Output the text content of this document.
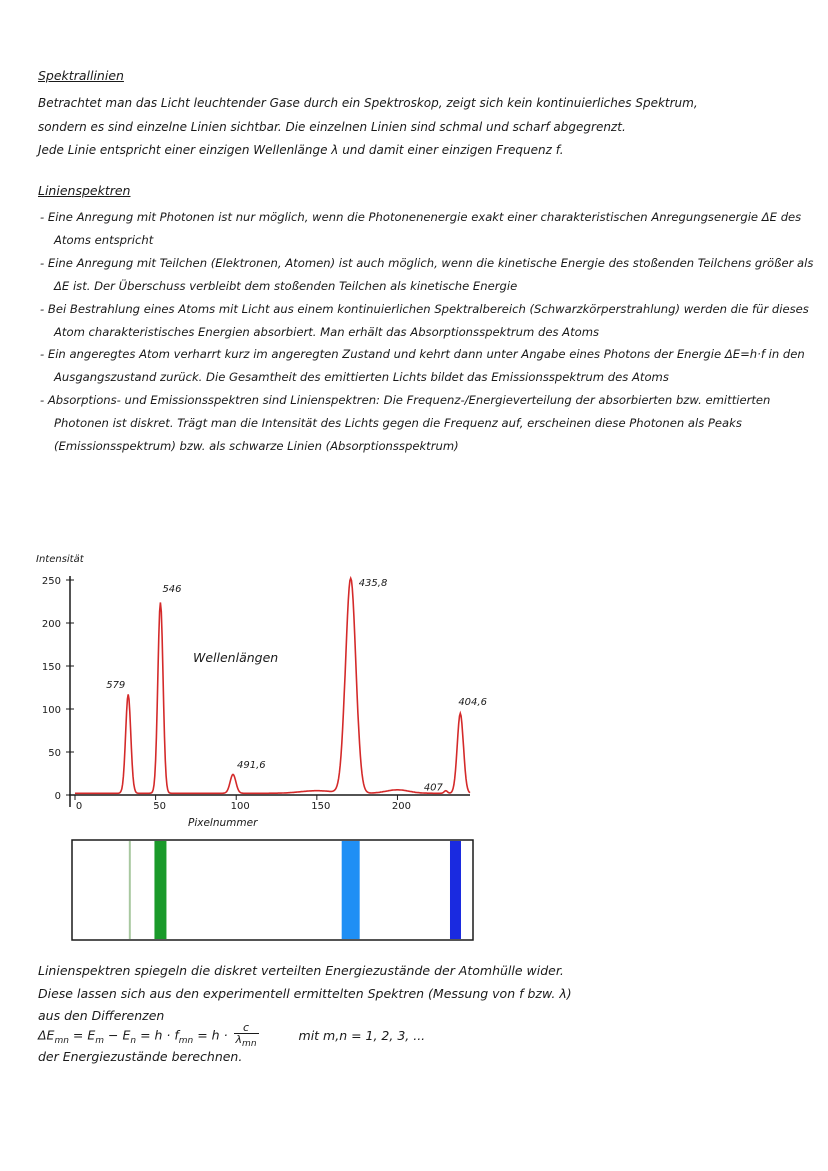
Spektrallinien
Betrachtet man das Licht leuchtender Gase durch ein Spektroskop, zeigt sich kein kontinuierliches Spektrum,
sondern es sind einzelne Linien sichtbar. Die einzelnen Linien sind schmal und scharf abgegrenzt.
Jede Linie entspricht einer einzigen Wellenlänge λ und damit einer einzigen Frequenz f.
Linienspektren
- Eine Anregung mit Photonen ist nur möglich, wenn die Photonenenergie exakt einer charakteristischen Anregungsenergie ΔE des Atoms entspricht
- Eine Anregung mit Teilchen (Elektronen, Atomen) ist auch möglich, wenn die kinetische Energie des stoßenden Teilchens größer als ΔE ist. Der Überschuss verbleibt dem stoßenden Teilchen als kinetische Energie
- Bei Bestrahlung eines Atoms mit Licht aus einem kontinuierlichen Spektralbereich (Schwarzkörperstrahlung) werden die für dieses Atom charakteristisches Energien absorbiert. Man erhält das Absorptionsspektrum des Atoms
- Ein angeregtes Atom verharrt kurz im angeregten Zustand und kehrt dann unter Angabe eines Photons der Energie ΔE=h·f in den Ausgangszustand zurück. Die Gesamtheit des emittierten Lichts bildet das Emissionsspektrum des Atoms
- Absorptions- und Emissionsspektren sind Linienspektren: Die Frequenz-/Energieverteilung der absorbierten bzw. emittierten Photonen ist diskret. Trägt man die Intensität des Lichts gegen die Frequenz auf, erscheinen diese Photonen als Peaks (Emissionsspektrum) bzw. als schwarze Linien (Absorptionsspektrum)
0
50
100
150
200
250
0	50	100	150	200
Intensität
Pixelnummer
Wellenlängen
579
546
491,6
435,8
407
404,6
Linienspektren spiegeln die diskret verteilten Energiezustände der Atomhülle wider.
Diese lassen sich aus den experimentell ermittelten Spektren (Messung von f bzw. λ)
aus den Differenzen
$\Delta E_{mn} = E_m - E_n = h \cdot f_{mn} = h \cdot \frac{c}{\lambda_{mn}}$	mit m,n = 1, 2, 3, ...
der Energiezustände berechnen.
